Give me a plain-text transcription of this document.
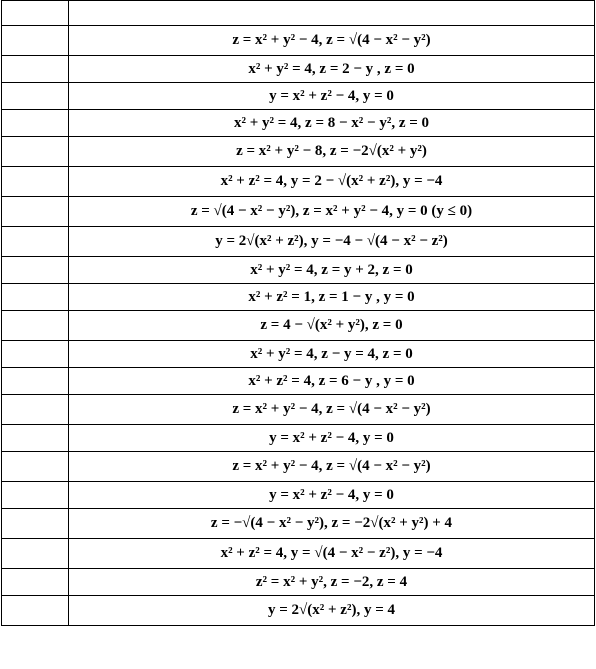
	z = x² + y² − 4, z = √(4 − x² − y²)
	x² + y² = 4, z = 2 − y , z = 0
	y = x² + z² − 4, y = 0
	x² + y² = 4, z = 8 − x² − y², z = 0
	z = x² + y² − 8, z = −2√(x² + y²)
	x² + z² = 4, y = 2 − √(x² + z²), y = −4
	z = √(4 − x² − y²), z = x² + y² − 4, y = 0 (y ≤ 0)
	y = 2√(x² + z²), y = −4 − √(4 − x² − z²)
	x² + y² = 4, z = y + 2, z = 0
	x² + z² = 1, z = 1 − y , y = 0
	z = 4 − √(x² + y²), z = 0
	x² + y² = 4, z − y = 4, z = 0
	x² + z² = 4, z = 6 − y , y = 0
	z = x² + y² − 4, z = √(4 − x² − y²)
	y = x² + z² − 4, y = 0
	z = x² + y² − 4, z = √(4 − x² − y²)
	y = x² + z² − 4, y = 0
	z = −√(4 − x² − y²), z = −2√(x² + y²) + 4
	x² + z² = 4, y = √(4 − x² − z²), y = −4
	z² = x² + y², z = −2, z = 4
	y = 2√(x² + z²), y = 4
